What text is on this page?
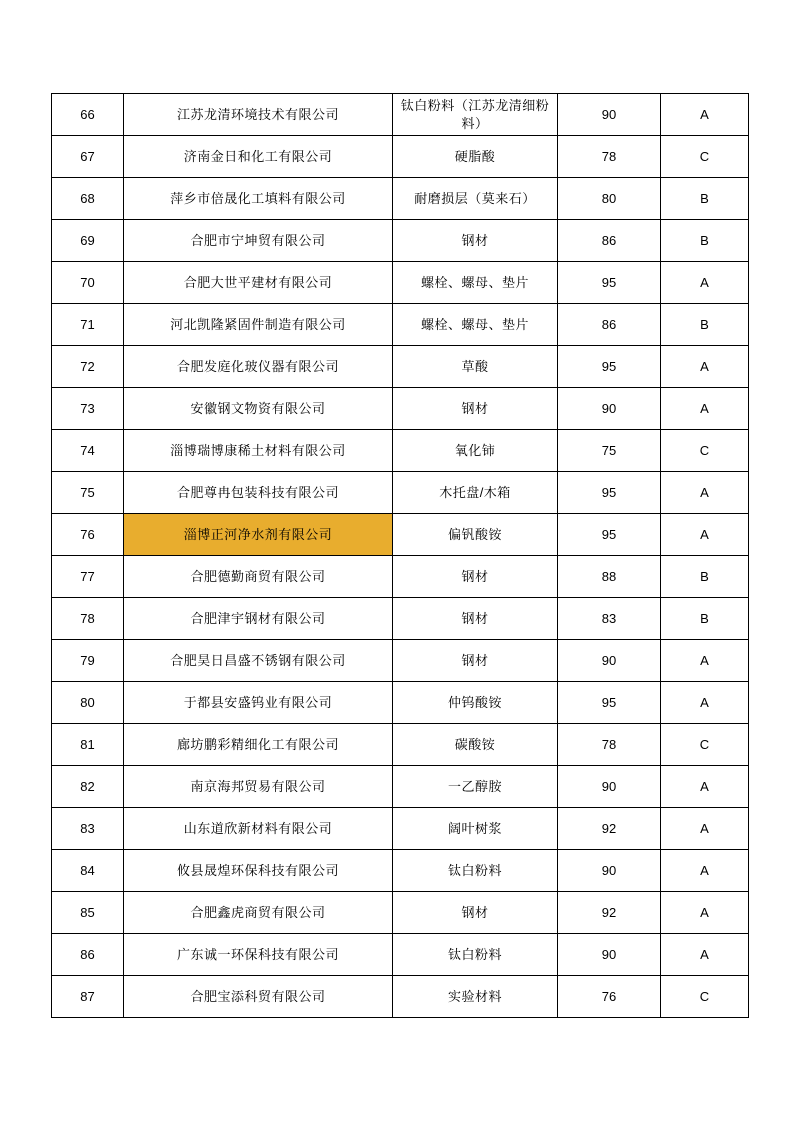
66	江苏龙清环境技术有限公司	钛白粉料（江苏龙清细粉料）	90	A
67	济南金日和化工有限公司	硬脂酸	78	C
68	萍乡市倍晟化工填料有限公司	耐磨损层（莫来石）	80	B
69	合肥市宁坤贸有限公司	钢材	86	B
70	合肥大世平建材有限公司	螺栓、螺母、垫片	95	A
71	河北凯隆紧固件制造有限公司	螺栓、螺母、垫片	86	B
72	合肥发庭化玻仪器有限公司	草酸	95	A
73	安徽钢文物资有限公司	钢材	90	A
74	淄博瑞博康稀土材料有限公司	氧化铈	75	C
75	合肥尊冉包装科技有限公司	木托盘/木箱	95	A
76	淄博正河净水剂有限公司	偏钒酸铵	95	A
77	合肥德勤商贸有限公司	钢材	88	B
78	合肥津宇钢材有限公司	钢材	83	B
79	合肥昊日昌盛不锈钢有限公司	钢材	90	A
80	于都县安盛钨业有限公司	仲钨酸铵	95	A
81	廊坊鹏彩精细化工有限公司	碳酸铵	78	C
82	南京海邦贸易有限公司	一乙醇胺	90	A
83	山东道欣新材料有限公司	阔叶树浆	92	A
84	攸县晟煌环保科技有限公司	钛白粉料	90	A
85	合肥鑫虎商贸有限公司	钢材	92	A
86	广东诚一环保科技有限公司	钛白粉料	90	A
87	合肥宝添科贸有限公司	实验材料	76	C
